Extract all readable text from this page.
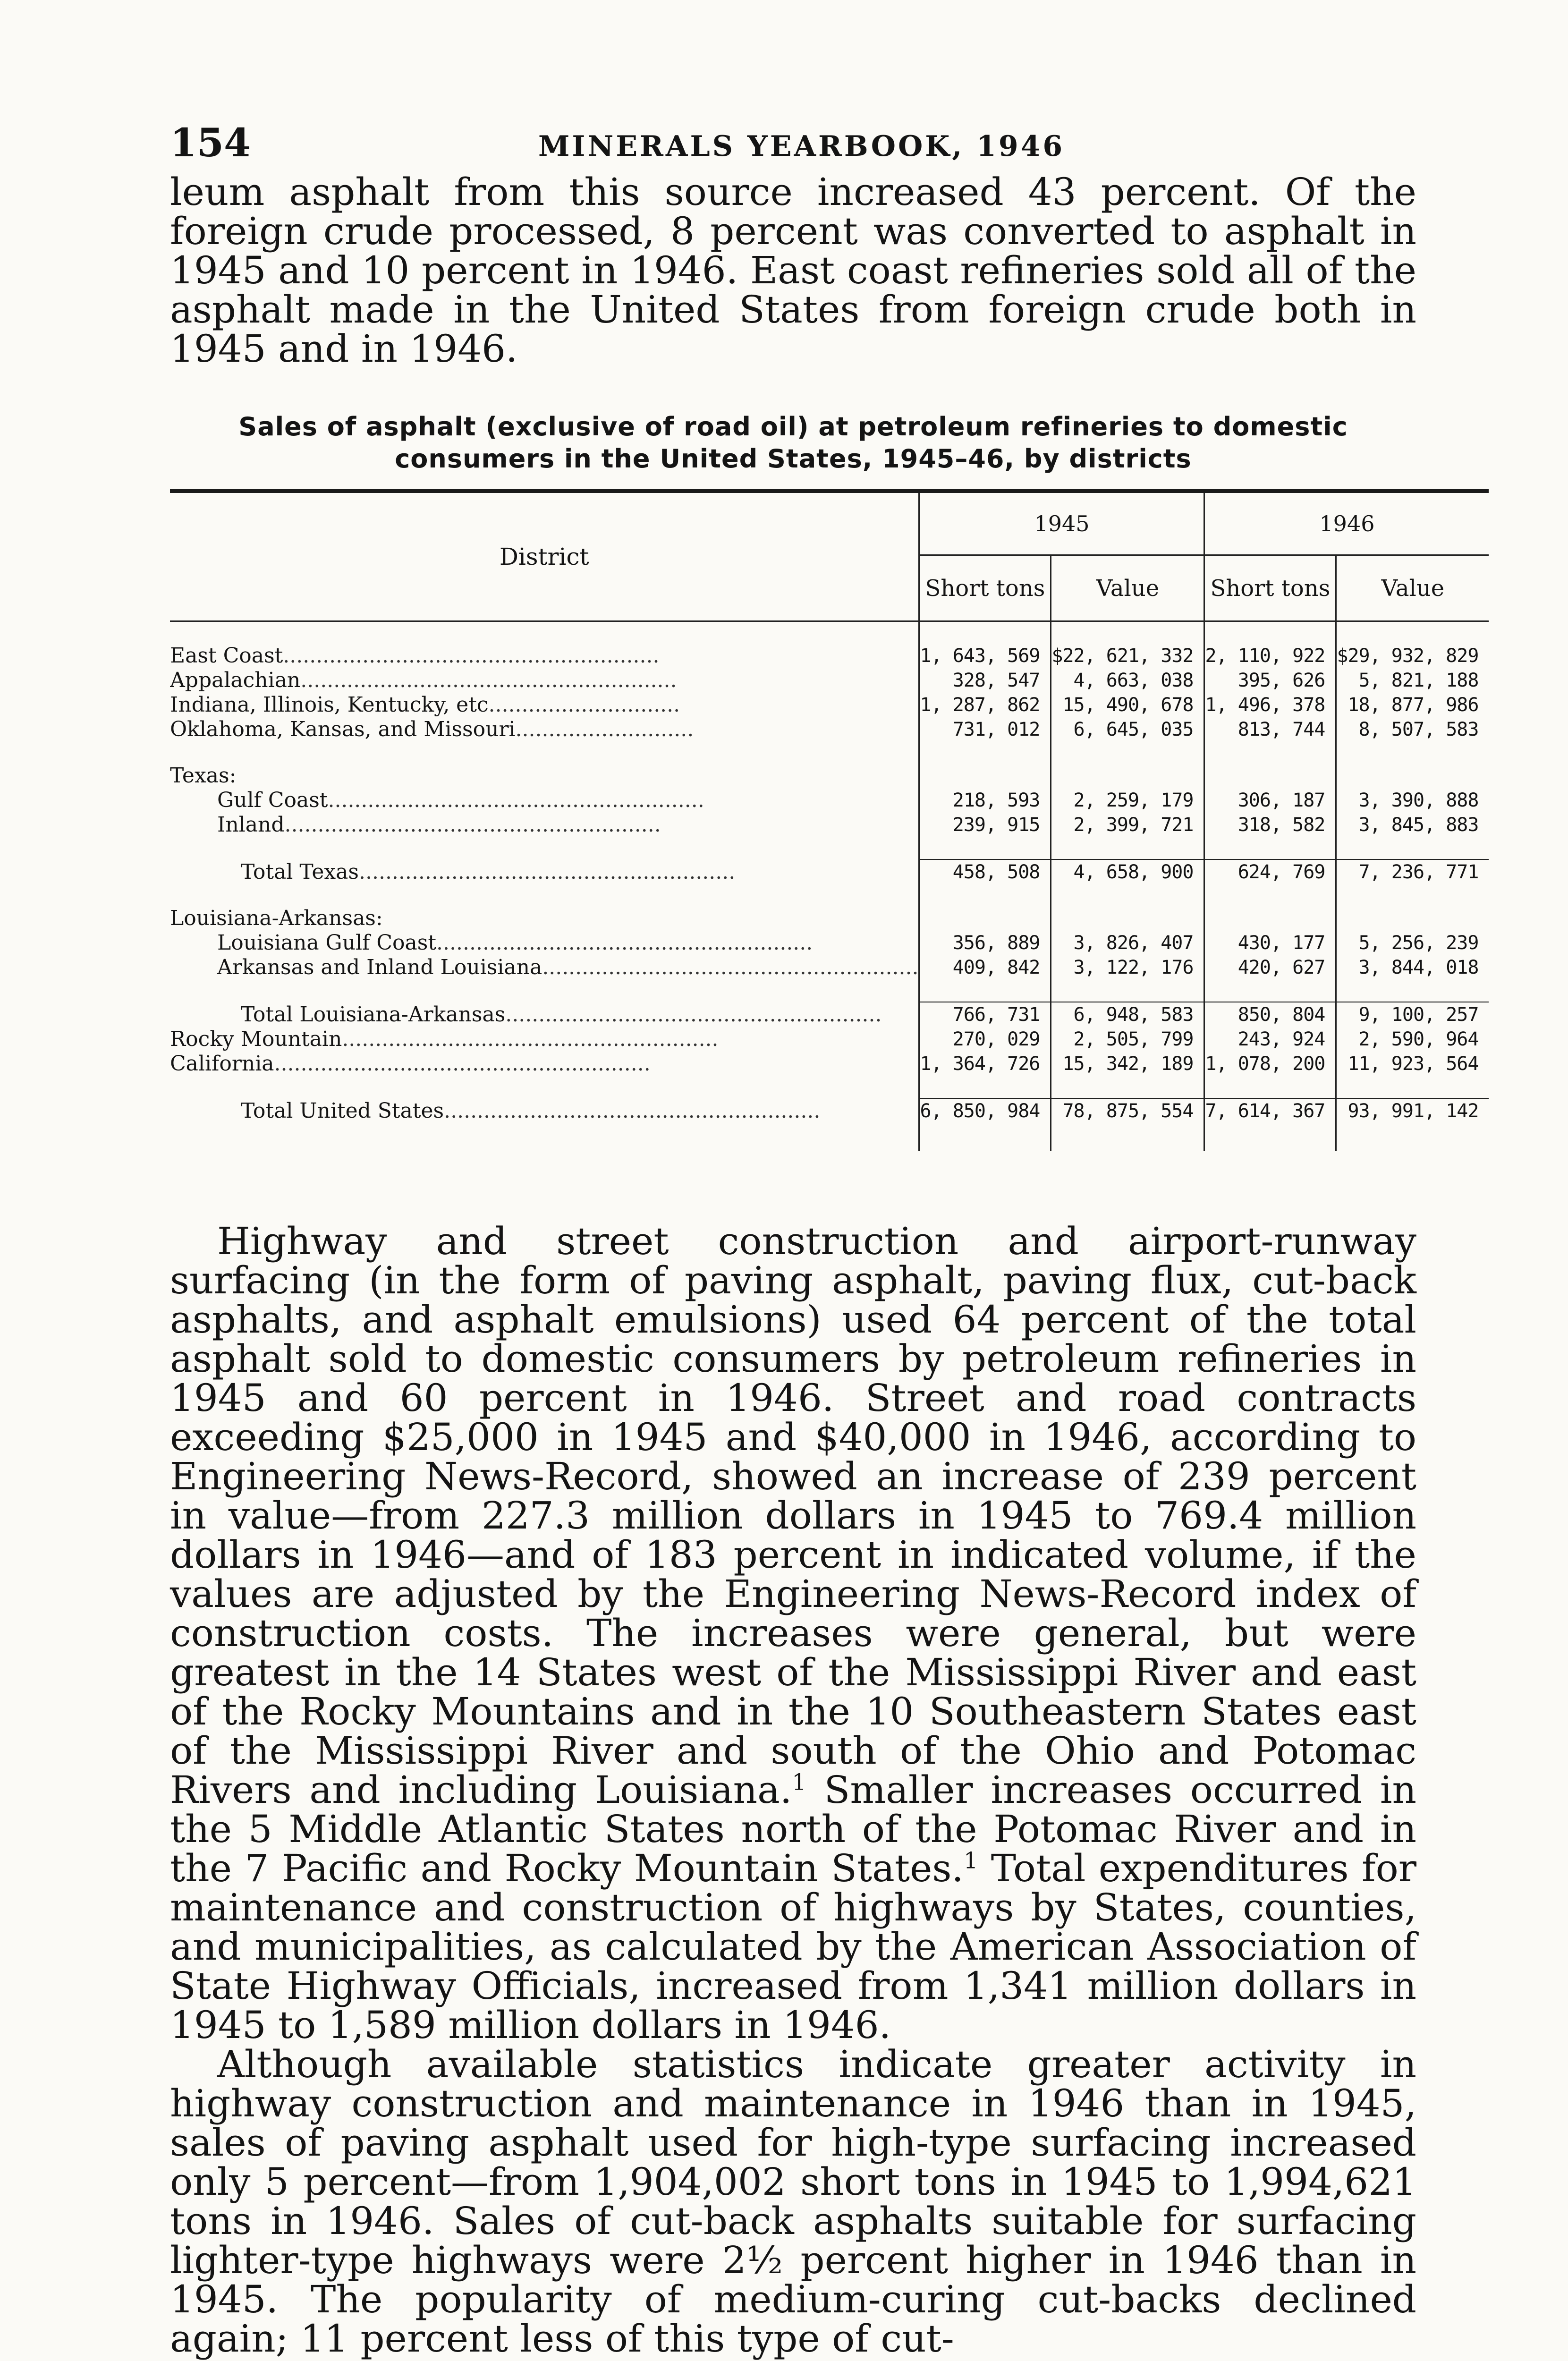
154	MINERALS YEARBOOK, 1946

leum asphalt from this source increased 43 percent. Of the foreign crude processed, 8 percent was converted to asphalt in 1945 and 10 percent in 1946. East coast refineries sold all of the asphalt made in the United States from foreign crude both in 1945 and in 1946.

Sales of asphalt (exclusive of road oil) at petroleum refineries to domestic
consumers in the United States, 1945–46, by districts
District	1945		1946	
	Short tons	Value	Short tons	Value

East Coast.........................................................	1, 643, 569	$22, 621, 332	2, 110, 922	$29, 932, 829
Appalachian.........................................................	328, 547	4, 663, 038	395, 626	5, 821, 188
Indiana, Illinois, Kentucky, etc.............................	1, 287, 862	15, 490, 678	1, 496, 378	18, 877, 986
Oklahoma, Kansas, and Missouri...........................	731, 012	6, 645, 035	813, 744	8, 507, 583

Texas:				
Gulf Coast.........................................................	218, 593	2, 259, 179	306, 187	3, 390, 888
Inland.........................................................	239, 915	2, 399, 721	318, 582	3, 845, 883

Total Texas.........................................................	458, 508	4, 658, 900	624, 769	7, 236, 771

Louisiana-Arkansas:				
Louisiana Gulf Coast.........................................................	356, 889	3, 826, 407	430, 177	5, 256, 239
Arkansas and Inland Louisiana.........................................................	409, 842	3, 122, 176	420, 627	3, 844, 018

Total Louisiana-Arkansas.........................................................	766, 731	6, 948, 583	850, 804	9, 100, 257
Rocky Mountain.........................................................	270, 029	2, 505, 799	243, 924	2, 590, 964
California.........................................................	1, 364, 726	15, 342, 189	1, 078, 200	11, 923, 564

Total United States.........................................................	6, 850, 984	78, 875, 554	7, 614, 367	93, 991, 142

Highway and street construction and airport-runway surfacing (in the form of paving asphalt, paving flux, cut-back asphalts, and asphalt emulsions) used 64 percent of the total asphalt sold to domestic consumers by petroleum refineries in 1945 and 60 percent in 1946. Street and road contracts exceeding $25,000 in 1945 and $40,000 in 1946, according to Engineering News-Record, showed an increase of 239 percent in value—from 227.3 million dollars in 1945 to 769.4 million dollars in 1946—and of 183 percent in indicated volume, if the values are adjusted by the Engineering News-Record index of construction costs. The increases were general, but were greatest in the 14 States west of the Mississippi River and east of the Rocky Mountains and in the 10 Southeastern States east of the Mississippi River and south of the Ohio and Potomac Rivers and including Louisiana.$^1$ Smaller increases occurred in the 5 Middle Atlantic States north of the Potomac River and in the 7 Pacific and Rocky Mountain States.$^1$ Total expenditures for maintenance and construction of highways by States, counties, and municipalities, as calculated by the American Association of State Highway Officials, increased from 1,341 million dollars in 1945 to 1,589 million dollars in 1946.

Although available statistics indicate greater activity in highway construction and maintenance in 1946 than in 1945, sales of paving asphalt used for high-type surfacing increased only 5 percent—from 1,904,002 short tons in 1945 to 1,994,621 tons in 1946. Sales of cut-back asphalts suitable for surfacing lighter-type highways were 2½ percent higher in 1946 than in 1945. The popularity of medium-curing cut-backs declined again; 11 percent less of this type of cut-
